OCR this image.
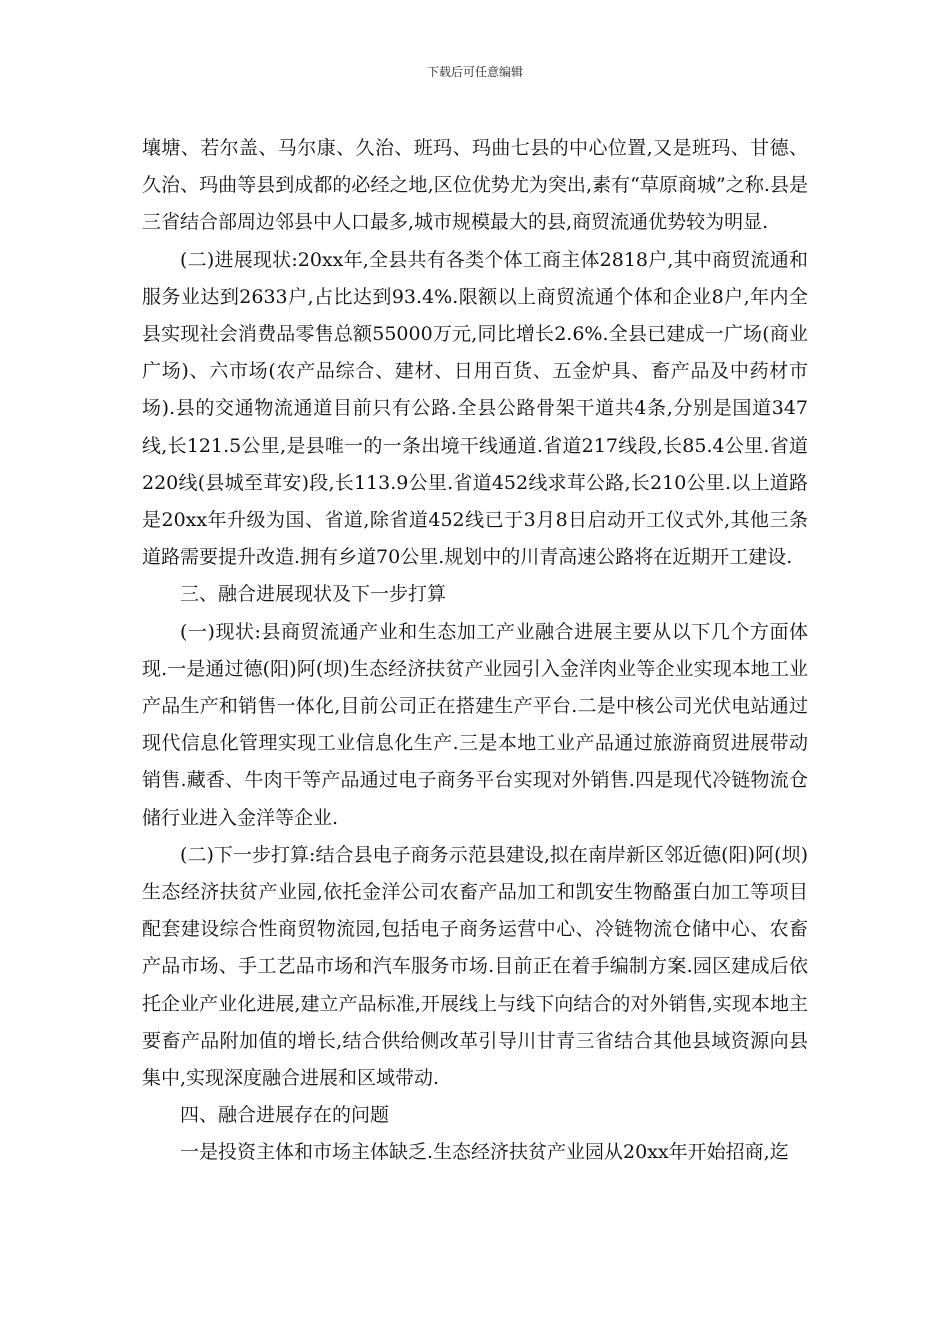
下载后可任意编辑

壤塘、若尔盖、马尔康、久治、班玛、玛曲七县的中心位置,又是班玛、甘德、久治、玛曲等县到成都的必经之地,区位优势尤为突出,素有“草原商城”之称.县是三省结合部周边邻县中人口最多,城市规模最大的县,商贸流通优势较为明显.

(二)进展现状:20xx年,全县共有各类个体工商主体2818户,其中商贸流通和服务业达到2633户,占比达到93.4%.限额以上商贸流通个体和企业8户,年内全县实现社会消费品零售总额55000万元,同比增长2.6%.全县已建成一广场(商业广场)、六市场(农产品综合、建材、日用百货、五金炉具、畜产品及中药材市场).县的交通物流通道目前只有公路.全县公路骨架干道共4条,分别是国道347线,长121.5公里,是县唯一的一条出境干线通道.省道217线段,长85.4公里.省道220线(县城至茸安)段,长113.9公里.省道452线求茸公路,长210公里.以上道路是20xx年升级为国、省道,除省道452线已于3月8日启动开工仪式外,其他三条道路需要提升改造.拥有乡道70公里.规划中的川青高速公路将在近期开工建设.

三、融合进展现状及下一步打算

(一)现状:县商贸流通产业和生态加工产业融合进展主要从以下几个方面体现.一是通过德(阳)阿(坝)生态经济扶贫产业园引入金洋肉业等企业实现本地工业产品生产和销售一体化,目前公司正在搭建生产平台.二是中核公司光伏电站通过现代信息化管理实现工业信息化生产.三是本地工业产品通过旅游商贸进展带动销售.藏香、牛肉干等产品通过电子商务平台实现对外销售.四是现代冷链物流仓储行业进入金洋等企业.

(二)下一步打算:结合县电子商务示范县建设,拟在南岸新区邻近德(阳)阿(坝)生态经济扶贫产业园,依托金洋公司农畜产品加工和凯安生物酪蛋白加工等项目配套建设综合性商贸物流园,包括电子商务运营中心、冷链物流仓储中心、农畜产品市场、手工艺品市场和汽车服务市场.目前正在着手编制方案.园区建成后依托企业产业化进展,建立产品标准,开展线上与线下向结合的对外销售,实现本地主要畜产品附加值的增长,结合供给侧改革引导川甘青三省结合其他县域资源向县集中,实现深度融合进展和区域带动.

四、融合进展存在的问题

一是投资主体和市场主体缺乏.生态经济扶贫产业园从20xx年开始招商,迄
